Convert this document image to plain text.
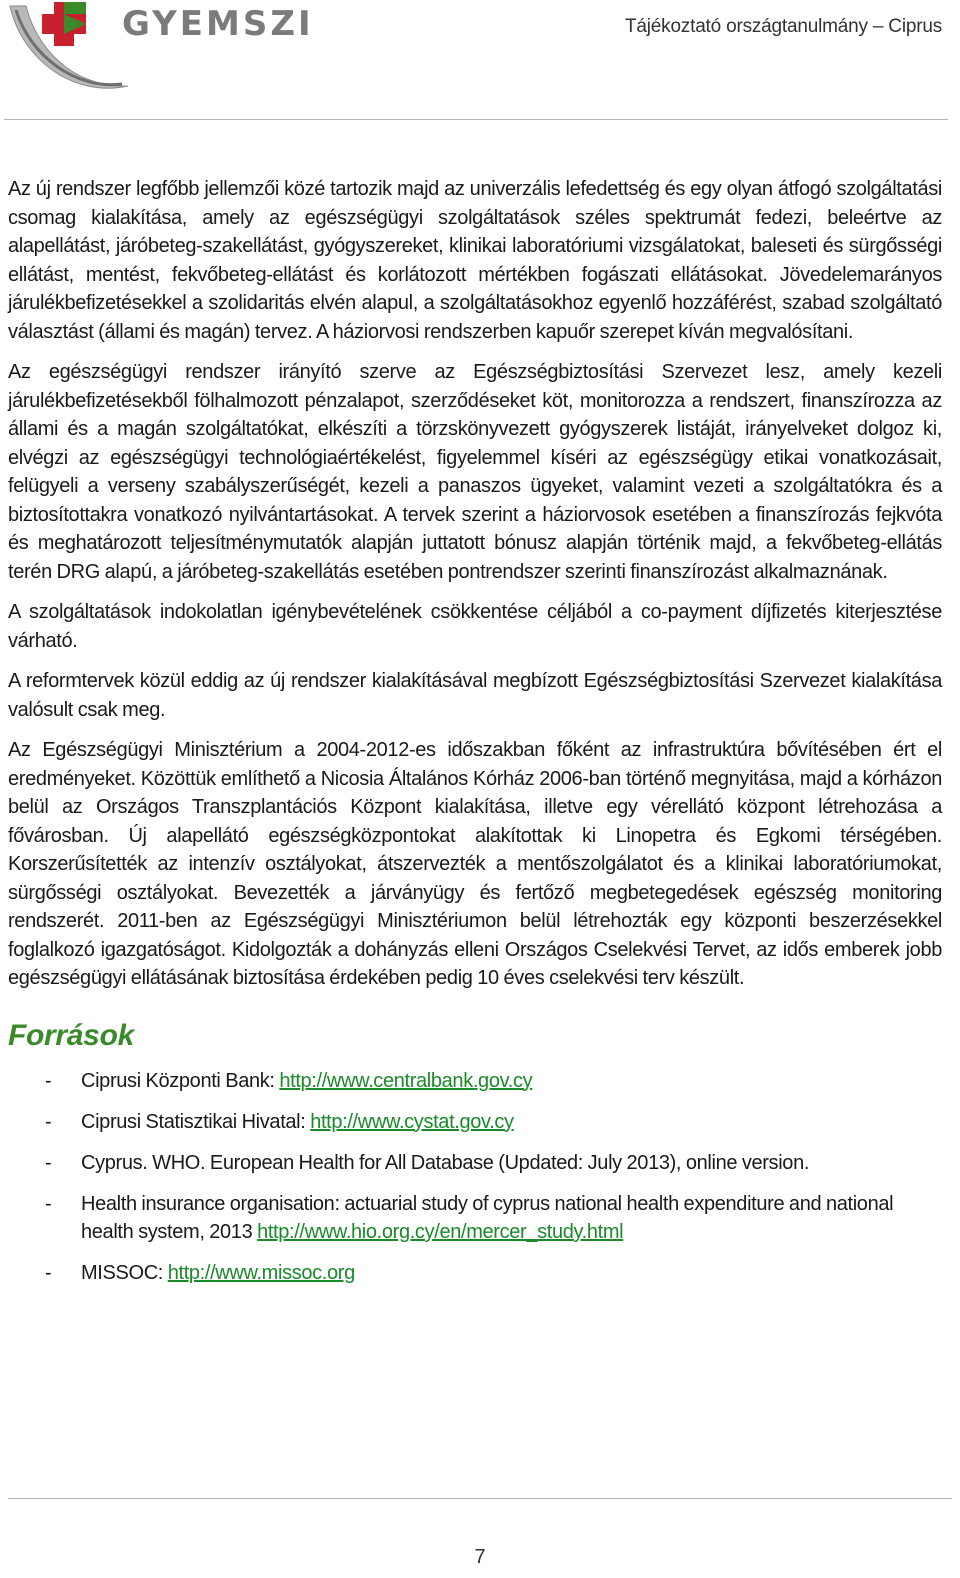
GYEMSZI	Tájékoztató országtanulmány – Ciprus

Az új rendszer legfőbb jellemzői közé tartozik majd az univerzális lefedettség és egy olyan átfogó szolgáltatási csomag kialakítása, amely az egészségügyi szolgáltatások széles spektrumát fedezi, beleértve az alapellátást, járóbeteg-szakellátást, gyógyszereket, klinikai laboratóriumi vizsgálatokat, baleseti és sürgősségi ellátást, mentést, fekvőbeteg-ellátást és korlátozott mértékben fogászati ellátásokat. Jövedelemarányos járulékbefizetésekkel a szolidaritás elvén alapul, a szolgáltatásokhoz egyenlő hozzáférést, szabad szolgáltató választást (állami és magán) tervez. A háziorvosi rendszerben kapuőr szerepet kíván megvalósítani.

Az egészségügyi rendszer irányító szerve az Egészségbiztosítási Szervezet lesz, amely kezeli járulékbefizetésekből fölhalmozott pénzalapot, szerződéseket köt, monitorozza a rendszert, finanszírozza az állami és a magán szolgáltatókat, elkészíti a törzskönyvezett gyógyszerek listáját, irányelveket dolgoz ki, elvégzi az egészségügyi technológiaértékelést, figyelemmel kíséri az egészségügy etikai vonatkozásait, felügyeli a verseny szabályszerűségét, kezeli a panaszos ügyeket, valamint vezeti a szolgáltatókra és a biztosítottakra vonatkozó nyilvántartásokat. A tervek szerint a háziorvosok esetében a finanszírozás fejkvóta és meghatározott teljesítménymutatók alapján juttatott bónusz alapján történik majd, a fekvőbeteg-ellátás terén DRG alapú, a járóbeteg-szakellátás esetében pontrendszer szerinti finanszírozást alkalmaznának.

A szolgáltatások indokolatlan igénybevételének csökkentése céljából a co-payment díjfizetés kiterjesztése várható.

A reformtervek közül eddig az új rendszer kialakításával megbízott Egészségbiztosítási Szervezet kialakítása valósult csak meg.

Az Egészségügyi Minisztérium a 2004-2012-es időszakban főként az infrastruktúra bővítésében ért el eredményeket. Közöttük említhető a Nicosia Általános Kórház 2006-ban történő megnyitása, majd a kórházon belül az Országos Transzplantációs Központ kialakítása, illetve egy vérellátó központ létrehozása a fővárosban. Új alapellátó egészségközpontokat alakítottak ki Linopetra és Egkomi térségében. Korszerűsítették az intenzív osztályokat, átszervezték a mentőszolgálatot és a klinikai laboratóriumokat, sürgősségi osztályokat. Bevezették a járványügy és fertőző megbetegedések egészség monitoring rendszerét. 2011-ben az Egészségügyi Minisztériumon belül létrehozták egy központi beszerzésekkel foglalkozó igazgatóságot. Kidolgozták a dohányzás elleni Országos Cselekvési Tervet, az idős emberek jobb egészségügyi ellátásának biztosítása érdekében pedig 10 éves cselekvési terv készült.

Források
- Ciprusi Központi Bank: http://www.centralbank.gov.cy
- Ciprusi Statisztikai Hivatal: http://www.cystat.gov.cy
- Cyprus. WHO. European Health for All Database (Updated: July 2013), online version.
- Health insurance organisation: actuarial study of cyprus national health expenditure and national health system, 2013 http://www.hio.org.cy/en/mercer_study.html
- MISSOC: http://www.missoc.org
7
